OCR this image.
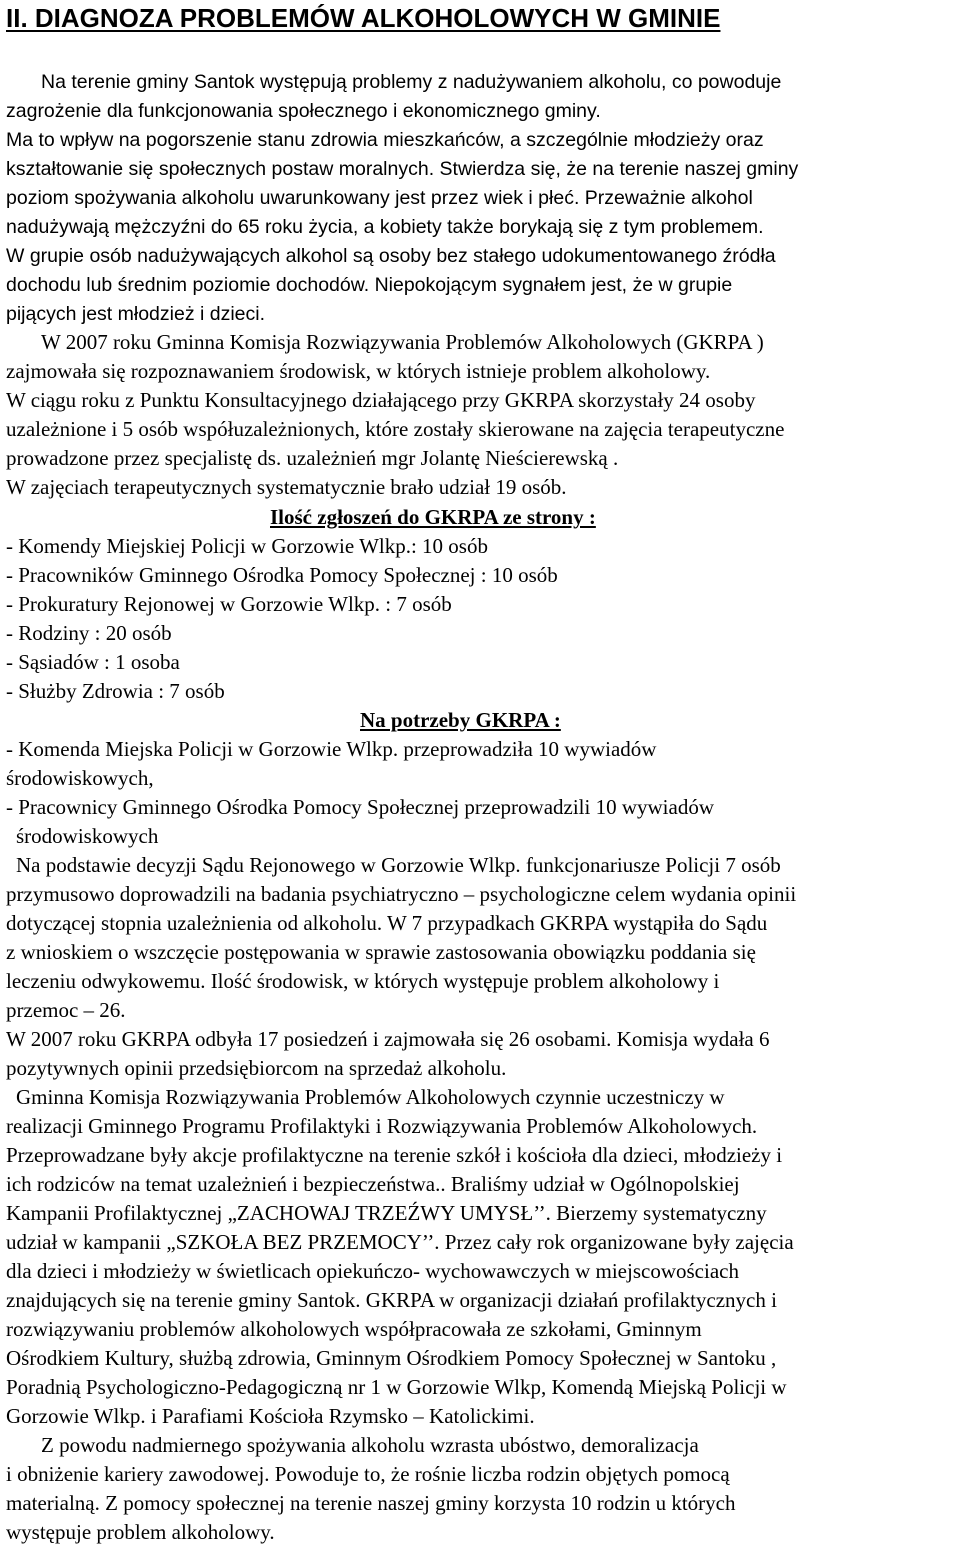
II. DIAGNOZA PROBLEMÓW ALKOHOLOWYCH W GMINIE

Na terenie gminy Santok występują problemy z nadużywaniem alkoholu, co powoduje

zagrożenie dla funkcjonowania społecznego i ekonomicznego gminy.

Ma to wpływ na pogorszenie stanu zdrowia mieszkańców, a szczególnie młodzieży oraz

kształtowanie się społecznych postaw moralnych. Stwierdza się, że na terenie naszej gminy

poziom spożywania alkoholu uwarunkowany jest przez wiek i płeć. Przeważnie alkohol

nadużywają mężczyźni do 65 roku życia, a kobiety także borykają się z tym problemem.

W grupie osób nadużywających alkohol są osoby bez stałego udokumentowanego źródła

dochodu lub średnim poziomie dochodów. Niepokojącym sygnałem jest, że w grupie

pijących jest młodzież i dzieci.

W 2007 roku Gminna Komisja Rozwiązywania Problemów Alkoholowych (GKRPA )

zajmowała się rozpoznawaniem środowisk, w których istnieje problem alkoholowy.

W ciągu roku z Punktu Konsultacyjnego działającego przy GKRPA skorzystały 24 osoby

uzależnione i 5 osób współuzależnionych, które zostały skierowane na zajęcia terapeutyczne

prowadzone przez specjalistę ds. uzależnień mgr Jolantę Nieścierewską .

W zajęciach terapeutycznych systematycznie brało udział 19 osób.

Ilość zgłoszeń do GKRPA ze strony :

- Komendy Miejskiej Policji w Gorzowie Wlkp.: 10 osób

- Pracowników Gminnego Ośrodka Pomocy Społecznej : 10 osób

- Prokuratury Rejonowej w Gorzowie Wlkp. : 7 osób

- Rodziny : 20 osób

- Sąsiadów : 1 osoba

- Służby Zdrowia : 7 osób

Na potrzeby GKRPA :

- Komenda Miejska Policji w Gorzowie Wlkp. przeprowadziła 10 wywiadów

środowiskowych,

- Pracownicy Gminnego Ośrodka Pomocy Społecznej przeprowadzili 10 wywiadów

środowiskowych

Na podstawie decyzji Sądu Rejonowego w Gorzowie Wlkp. funkcjonariusze Policji 7 osób

przymusowo doprowadzili na badania psychiatryczno – psychologiczne celem wydania opinii

dotyczącej stopnia uzależnienia od alkoholu. W 7 przypadkach GKRPA wystąpiła do Sądu

z wnioskiem o wszczęcie postępowania w sprawie zastosowania obowiązku poddania się

leczeniu odwykowemu. Ilość środowisk, w których występuje problem alkoholowy i

przemoc – 26.

W 2007 roku GKRPA odbyła 17 posiedzeń i zajmowała się 26 osobami. Komisja wydała 6

pozytywnych opinii przedsiębiorcom na sprzedaż alkoholu.

Gminna Komisja Rozwiązywania Problemów Alkoholowych czynnie uczestniczy w

realizacji Gminnego Programu Profilaktyki i Rozwiązywania Problemów Alkoholowych.

Przeprowadzane były akcje profilaktyczne na terenie szkół i kościoła dla dzieci, młodzieży i

ich rodziców na temat uzależnień i bezpieczeństwa.. Braliśmy udział w Ogólnopolskiej

Kampanii Profilaktycznej „ZACHOWAJ TRZEŹWY UMYSŁ’’. Bierzemy systematyczny

udział w kampanii „SZKOŁA BEZ PRZEMOCY’’. Przez cały rok organizowane były zajęcia

dla dzieci i młodzieży w świetlicach opiekuńczo- wychowawczych w miejscowościach

znajdujących się na terenie gminy Santok. GKRPA w organizacji działań profilaktycznych i

rozwiązywaniu problemów alkoholowych współpracowała ze szkołami, Gminnym

Ośrodkiem Kultury, służbą zdrowia, Gminnym Ośrodkiem Pomocy Społecznej w Santoku ,

Poradnią Psychologiczno-Pedagogiczną nr 1 w Gorzowie Wlkp, Komendą Miejską Policji w

Gorzowie Wlkp. i Parafiami Kościoła Rzymsko – Katolickimi.

Z powodu nadmiernego spożywania alkoholu wzrasta ubóstwo, demoralizacja

i obniżenie kariery zawodowej. Powoduje to, że rośnie liczba rodzin objętych pomocą

materialną. Z pomocy społecznej na terenie naszej gminy korzysta 10 rodzin u których

występuje problem alkoholowy.
